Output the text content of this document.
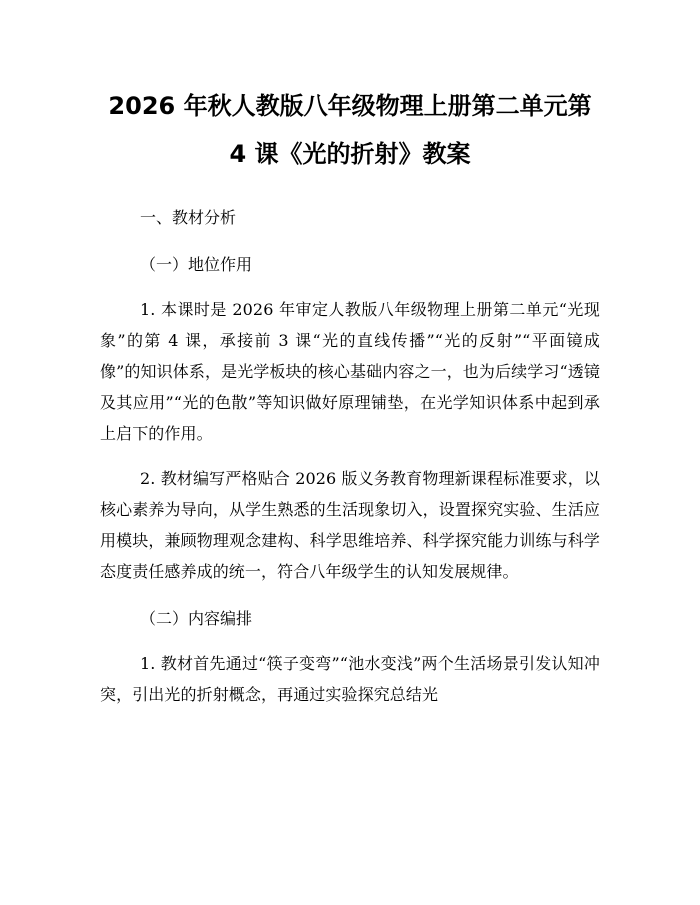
2026 年秋人教版八年级物理上册第二单元第
4 课《光的折射》教案

一、教材分析

（一）地位作用

1. 本课时是 2026 年审定人教版八年级物理上册第二单元“光现象”的第 4 课，承接前 3 课“光的直线传播”“光的反射”“平面镜成像”的知识体系，是光学板块的核心基础内容之一，也为后续学习“透镜及其应用”“光的色散”等知识做好原理铺垫，在光学知识体系中起到承上启下的作用。

2. 教材编写严格贴合 2026 版义务教育物理新课程标准要求，以核心素养为导向，从学生熟悉的生活现象切入，设置探究实验、生活应用模块，兼顾物理观念建构、科学思维培养、科学探究能力训练与科学态度责任感养成的统一，符合八年级学生的认知发展规律。

（二）内容编排

1. 教材首先通过“筷子变弯”“池水变浅”两个生活场景引发认知冲突，引出光的折射概念，再通过实验探究总结光
